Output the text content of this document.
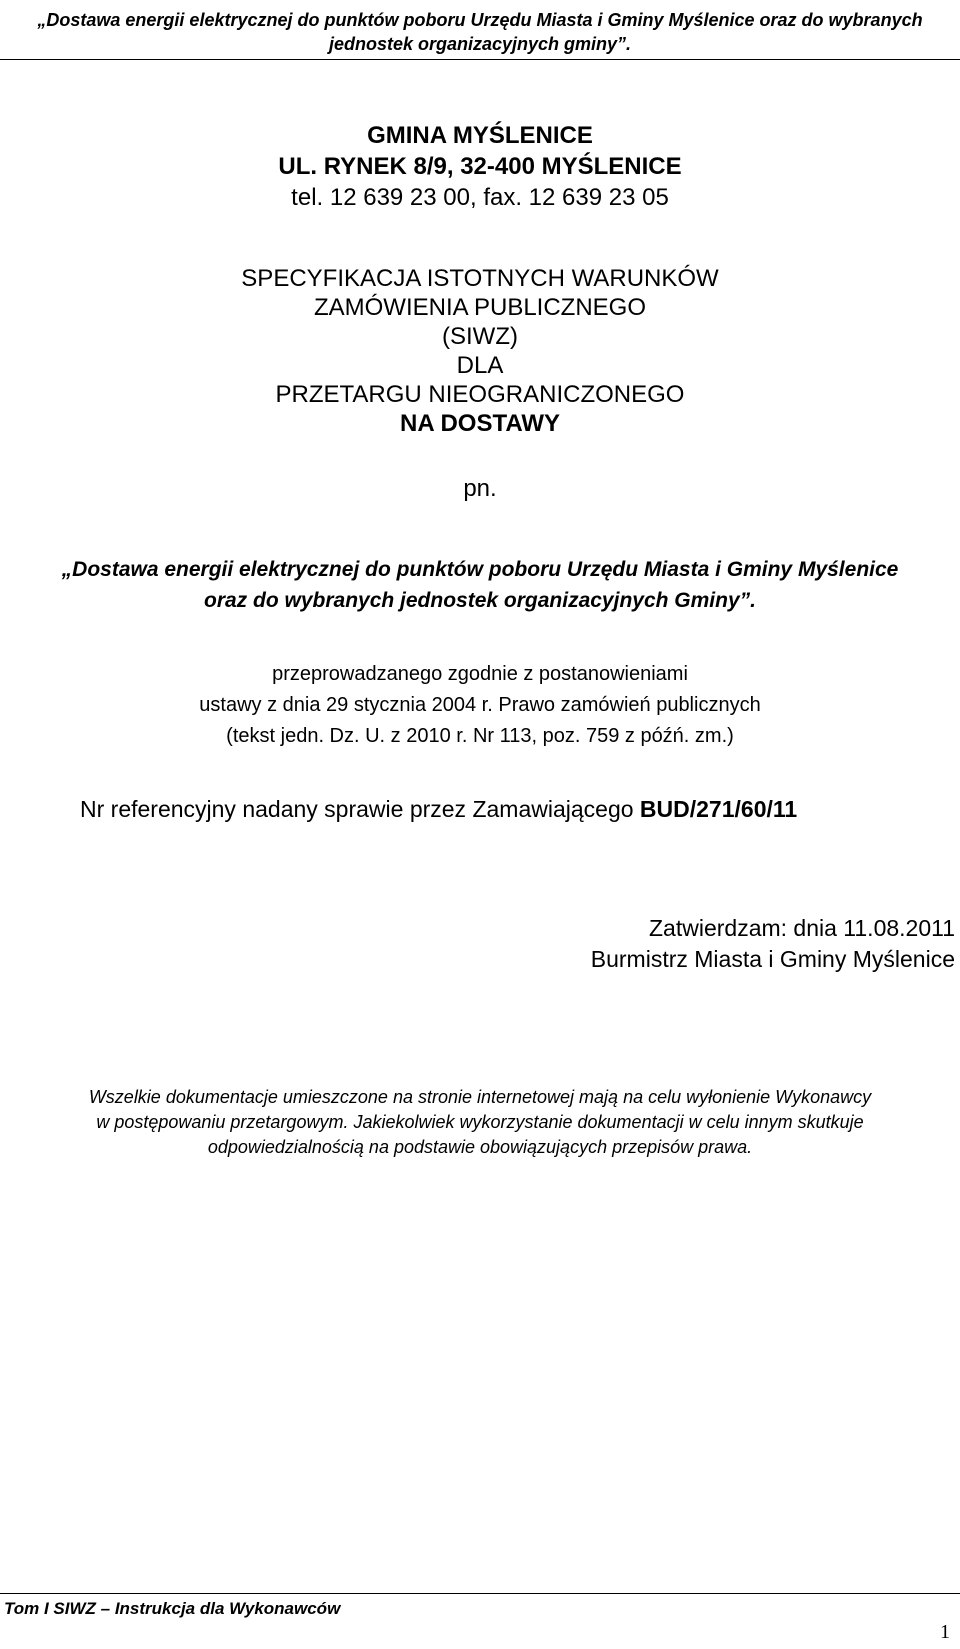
„Dostawa energii elektrycznej do punktów poboru Urzędu Miasta i Gminy Myślenice oraz do wybranych
jednostek organizacyjnych gminy”.
GMINA MYŚLENICE
UL. RYNEK 8/9, 32-400 MYŚLENICE
tel. 12 639 23 00, fax. 12 639 23 05
SPECYFIKACJA ISTOTNYCH WARUNKÓW
ZAMÓWIENIA PUBLICZNEGO
(SIWZ)
DLA
PRZETARGU NIEOGRANICZONEGO
NA DOSTAWY
pn.
„Dostawa energii elektrycznej do punktów poboru Urzędu Miasta i Gminy Myślenice
oraz do wybranych jednostek organizacyjnych Gminy”.
przeprowadzanego zgodnie z postanowieniami
ustawy z dnia 29 stycznia 2004 r. Prawo zamówień publicznych
(tekst jedn. Dz. U. z 2010 r. Nr 113, poz. 759 z późń. zm.)
Nr referencyjny nadany sprawie przez Zamawiającego BUD/271/60/11
Zatwierdzam: dnia 11.08.2011
Burmistrz Miasta i Gminy Myślenice
Wszelkie dokumentacje umieszczone na stronie internetowej mają na celu wyłonienie Wykonawcy
w postępowaniu przetargowym. Jakiekolwiek wykorzystanie dokumentacji w celu innym skutkuje
odpowiedzialnością na podstawie obowiązujących przepisów prawa.
Tom I SIWZ – Instrukcja dla Wykonawców
1
